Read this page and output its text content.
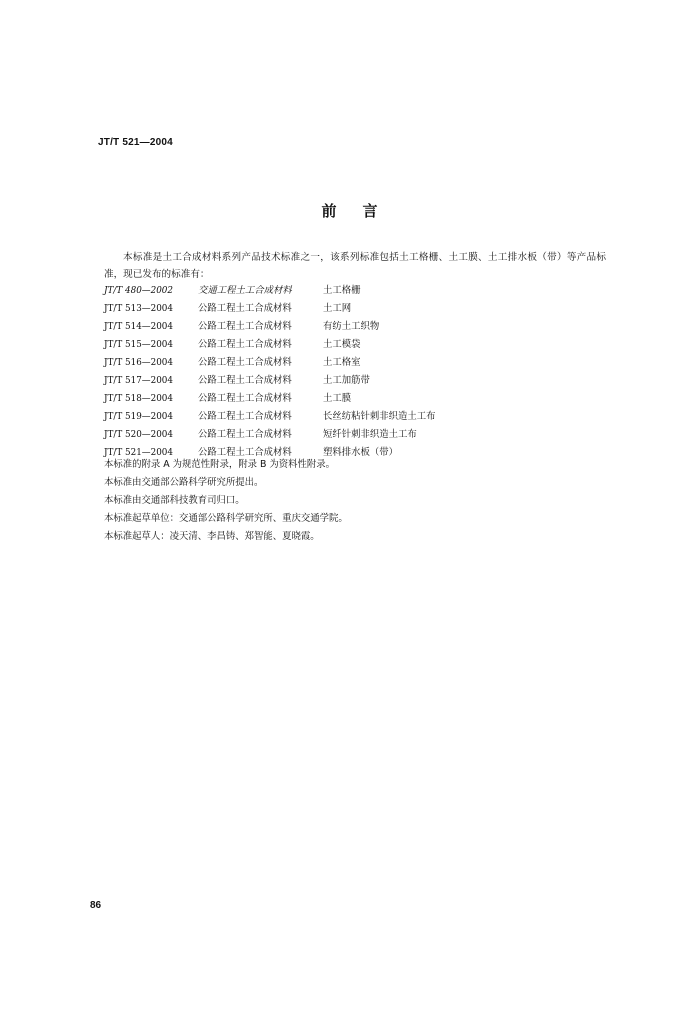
JT/T 521—2004
前言

本标准是土工合成材料系列产品技术标准之一，该系列标准包括土工格栅、土工膜、土工排水板（带）等产品标准，现已发布的标准有：

JT/T 480—2002	交通工程土工合成材料	土工格栅
JT/T 513—2004	公路工程土工合成材料	土工网
JT/T 514—2004	公路工程土工合成材料	有纺土工织物
JT/T 515—2004	公路工程土工合成材料	土工模袋
JT/T 516—2004	公路工程土工合成材料	土工格室
JT/T 517—2004	公路工程土工合成材料	土工加筋带
JT/T 518—2004	公路工程土工合成材料	土工膜
JT/T 519—2004	公路工程土工合成材料	长丝纺粘针刺非织造土工布
JT/T 520—2004	公路工程土工合成材料	短纤针刺非织造土工布
JT/T 521—2004	公路工程土工合成材料	塑料排水板（带）
本标准的附录 A 为规范性附录，附录 B 为资料性附录。
本标准由交通部公路科学研究所提出。
本标准由交通部科技教育司归口。
本标准起草单位：交通部公路科学研究所、重庆交通学院。
本标准起草人：凌天清、李昌铸、郑智能、夏晓霞。
86
